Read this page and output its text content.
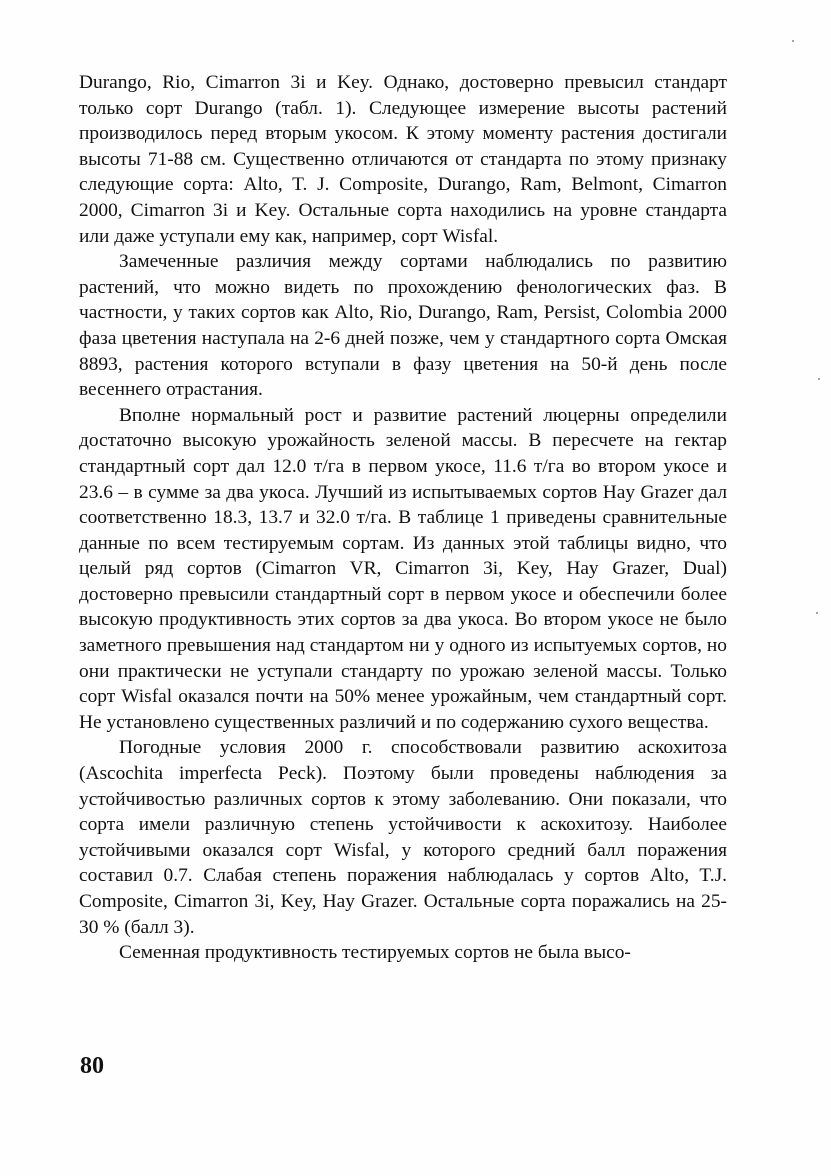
Durango, Rio, Cimarron 3i и Key. Однако, достоверно превысил стандарт только сорт Durango (табл. 1). Следующее измерение высоты растений производилось перед вторым укосом. К этому моменту растения достигали высоты 71-88 см. Существенно отличаются от стандарта по этому признаку следующие сорта: Alto, T. J. Composite, Durango, Ram, Belmont, Cimarron 2000, Cimarron 3i и Key. Остальные сорта находились на уровне стандарта или даже уступали ему как, например, сорт Wisfal.

Замеченные различия между сортами наблюдались по развитию растений, что можно видеть по прохождению фенологических фаз. В частности, у таких сортов как Alto, Rio, Durango, Ram, Persist, Colombia 2000 фаза цветения наступала на 2-6 дней позже, чем у стандартного сорта Омская 8893, растения которого вступали в фазу цветения на 50-й день после весеннего отрастания.

Вполне нормальный рост и развитие растений люцерны определили достаточно высокую урожайность зеленой массы. В пересчете на гектар стандартный сорт дал 12.0 т/га в первом укосе, 11.6 т/га во втором укосе и 23.6 – в сумме за два укоса. Лучший из испытываемых сортов Hay Grazer дал соответственно 18.3, 13.7 и 32.0 т/га. В таблице 1 приведены сравнительные данные по всем тестируемым сортам. Из данных этой таблицы видно, что целый ряд сортов (Cimarron VR, Cimarron 3i, Key, Hay Grazer, Dual) достоверно превысили стандартный сорт в первом укосе и обеспечили более высокую продуктивность этих сортов за два укоса. Во втором укосе не было заметного превышения над стандартом ни у одного из испытуемых сортов, но они практически не уступали стандарту по урожаю зеленой массы. Только сорт Wisfal оказался почти на 50% менее урожайным, чем стандартный сорт. Не установлено существенных различий и по содержанию сухого вещества.

Погодные условия 2000 г. способствовали развитию аскохитоза (Ascochita imperfecta Peck). Поэтому были проведены наблюдения за устойчивостью различных сортов к этому заболеванию. Они показали, что сорта имели различную степень устойчивости к аскохитозу. Наиболее устойчивыми оказался сорт Wisfal, у которого средний балл поражения составил 0.7. Слабая степень поражения наблюдалась у сортов Alto, T.J. Composite, Cimarron 3i, Key, Hay Grazer. Остальные сорта поражались на 25-30 % (балл 3).

Семенная продуктивность тестируемых сортов не была высо-

80
